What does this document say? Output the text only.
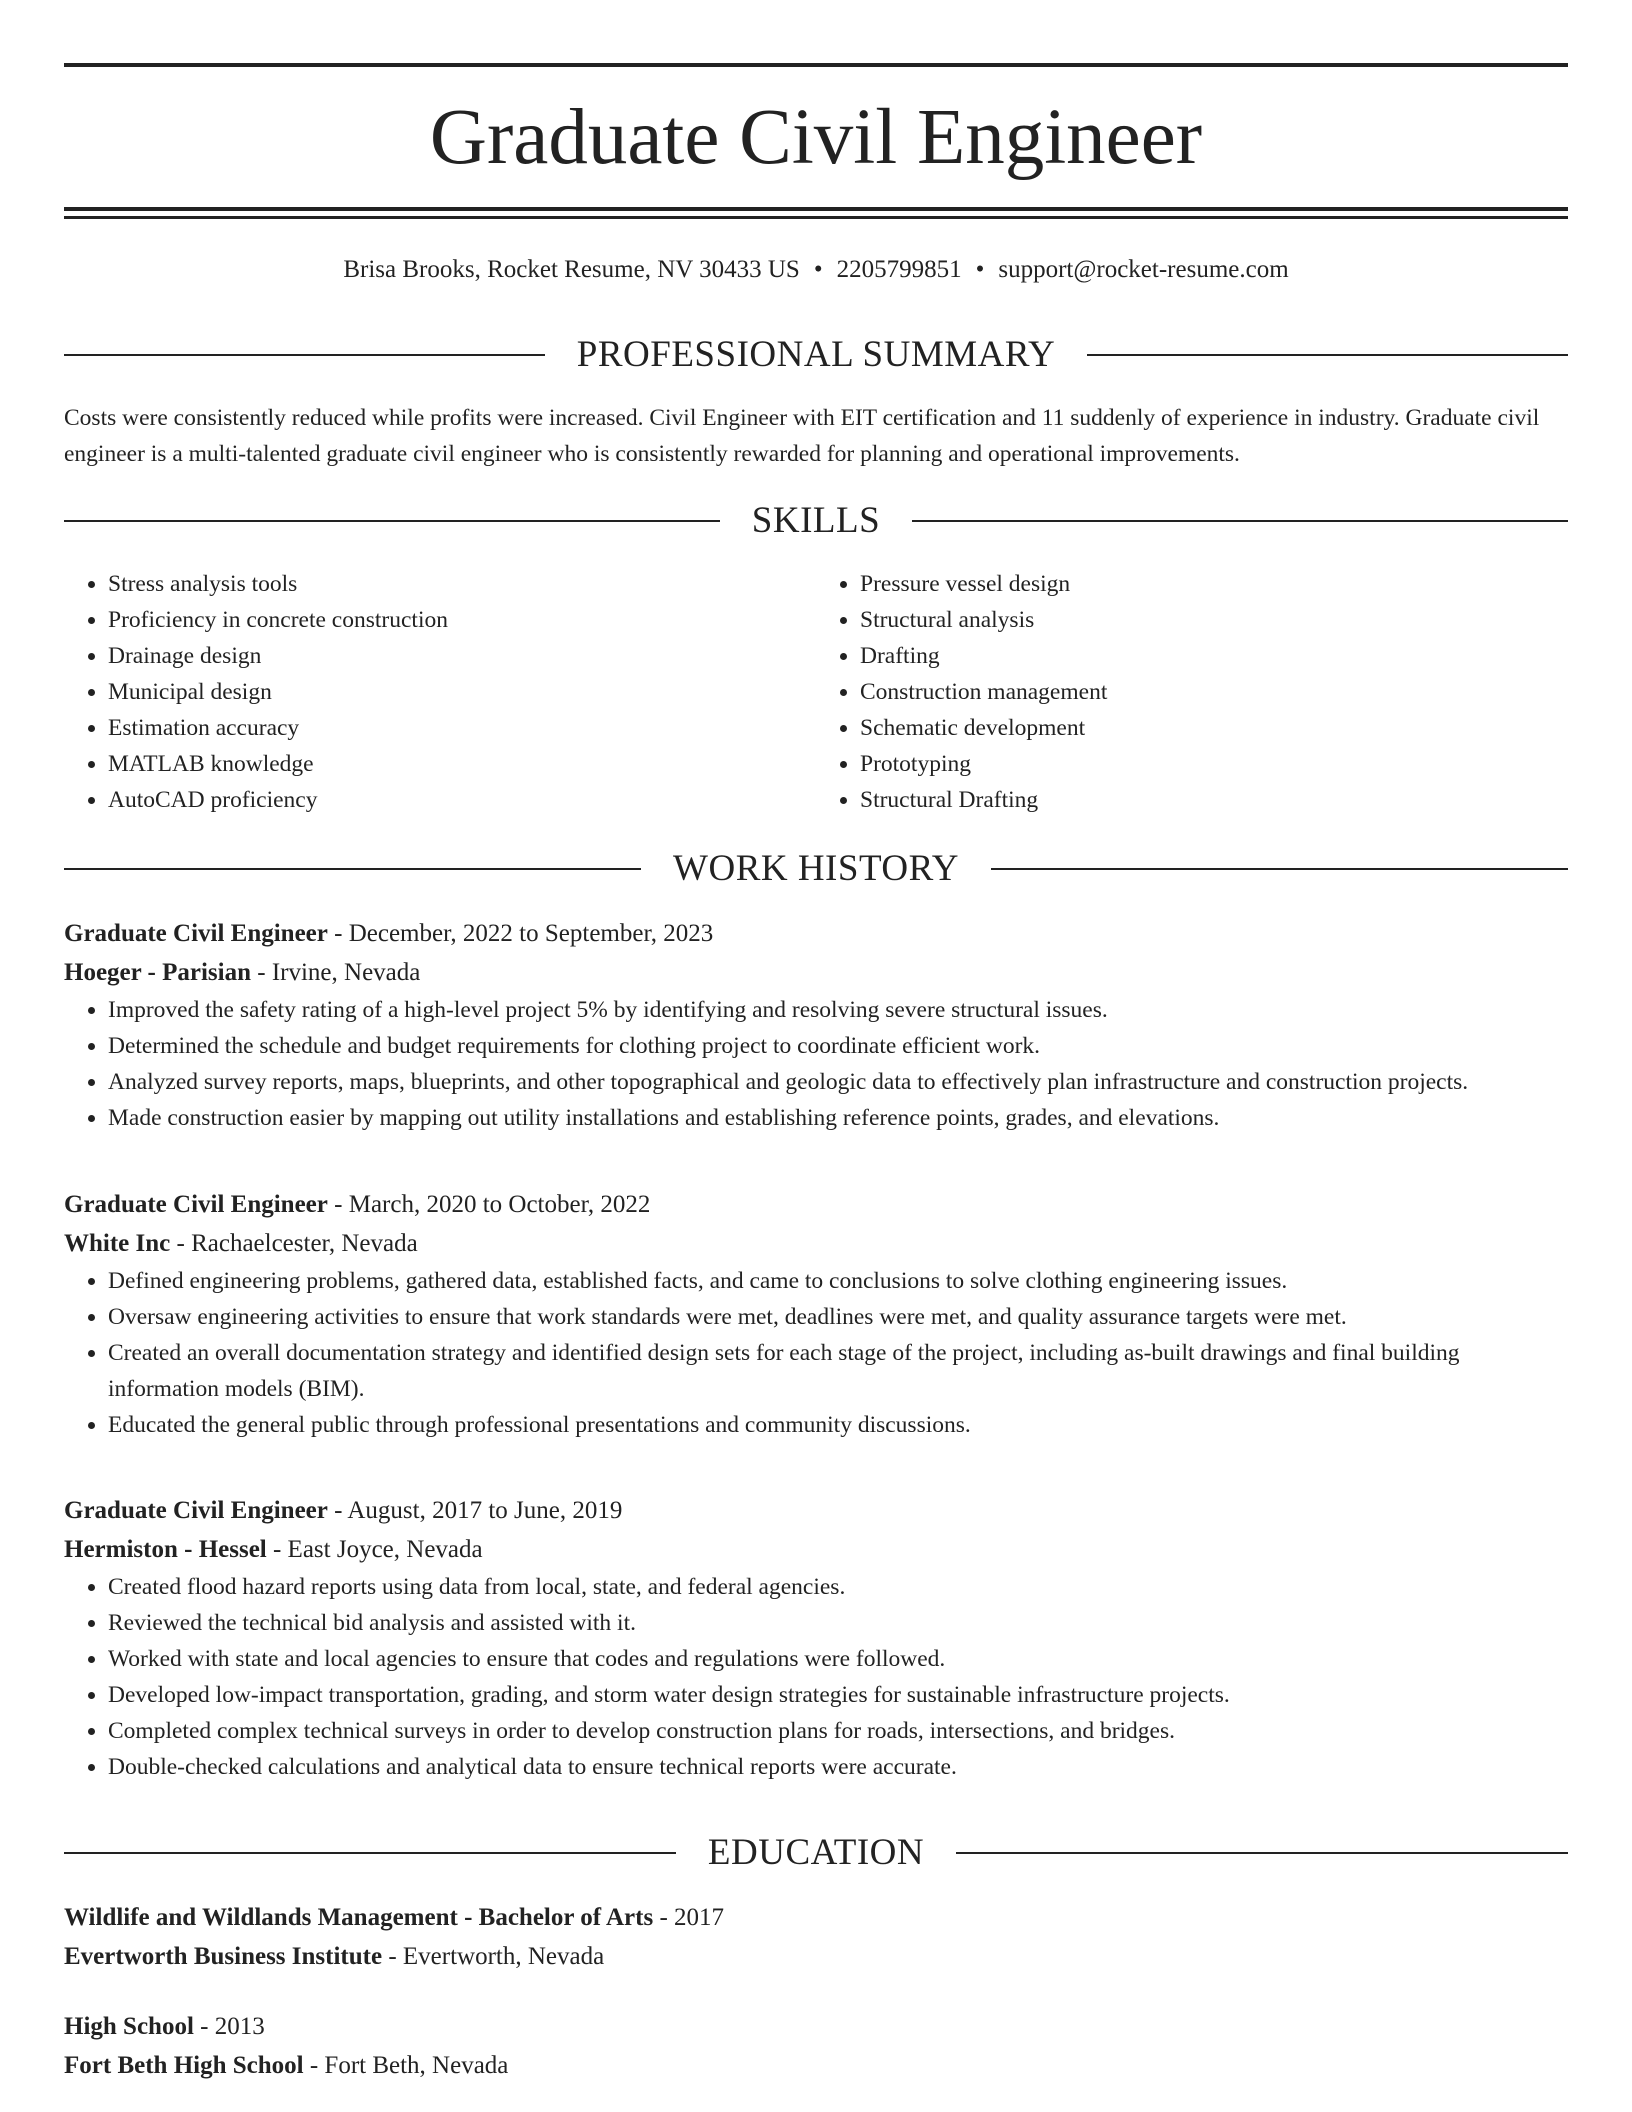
Graduate Civil Engineer
Brisa Brooks, Rocket Resume, NV 30433 US • 2205799851 • support@rocket-resume.com
PROFESSIONAL SUMMARY

Costs were consistently reduced while profits were increased. Civil Engineer with EIT certification and 11 suddenly of experience in industry. Graduate civil engineer is a multi-talented graduate civil engineer who is consistently rewarded for planning and operational improvements.

SKILLS
• Stress analysis tools
• Proficiency in concrete construction
• Drainage design
• Municipal design
• Estimation accuracy
• MATLAB knowledge
• AutoCAD proficiency
• Pressure vessel design
• Structural analysis
• Drafting
• Construction management
• Schematic development
• Prototyping
• Structural Drafting
WORK HISTORY

Graduate Civil Engineer - December, 2022 to September, 2023

Hoeger - Parisian - Irvine, Nevada

• Improved the safety rating of a high-level project 5% by identifying and resolving severe structural issues.
• Determined the schedule and budget requirements for clothing project to coordinate efficient work.
• Analyzed survey reports, maps, blueprints, and other topographical and geologic data to effectively plan infrastructure and construction projects.
• Made construction easier by mapping out utility installations and establishing reference points, grades, and elevations.

Graduate Civil Engineer - March, 2020 to October, 2022

White Inc - Rachaelcester, Nevada

• Defined engineering problems, gathered data, established facts, and came to conclusions to solve clothing engineering issues.
• Oversaw engineering activities to ensure that work standards were met, deadlines were met, and quality assurance targets were met.
• Created an overall documentation strategy and identified design sets for each stage of the project, including as-built drawings and final building information models (BIM).
• Educated the general public through professional presentations and community discussions.

Graduate Civil Engineer - August, 2017 to June, 2019

Hermiston - Hessel - East Joyce, Nevada

• Created flood hazard reports using data from local, state, and federal agencies.
• Reviewed the technical bid analysis and assisted with it.
• Worked with state and local agencies to ensure that codes and regulations were followed.
• Developed low-impact transportation, grading, and storm water design strategies for sustainable infrastructure projects.
• Completed complex technical surveys in order to develop construction plans for roads, intersections, and bridges.
• Double-checked calculations and analytical data to ensure technical reports were accurate.
EDUCATION

Wildlife and Wildlands Management - Bachelor of Arts - 2017

Evertworth Business Institute - Evertworth, Nevada

High School - 2013

Fort Beth High School - Fort Beth, Nevada
